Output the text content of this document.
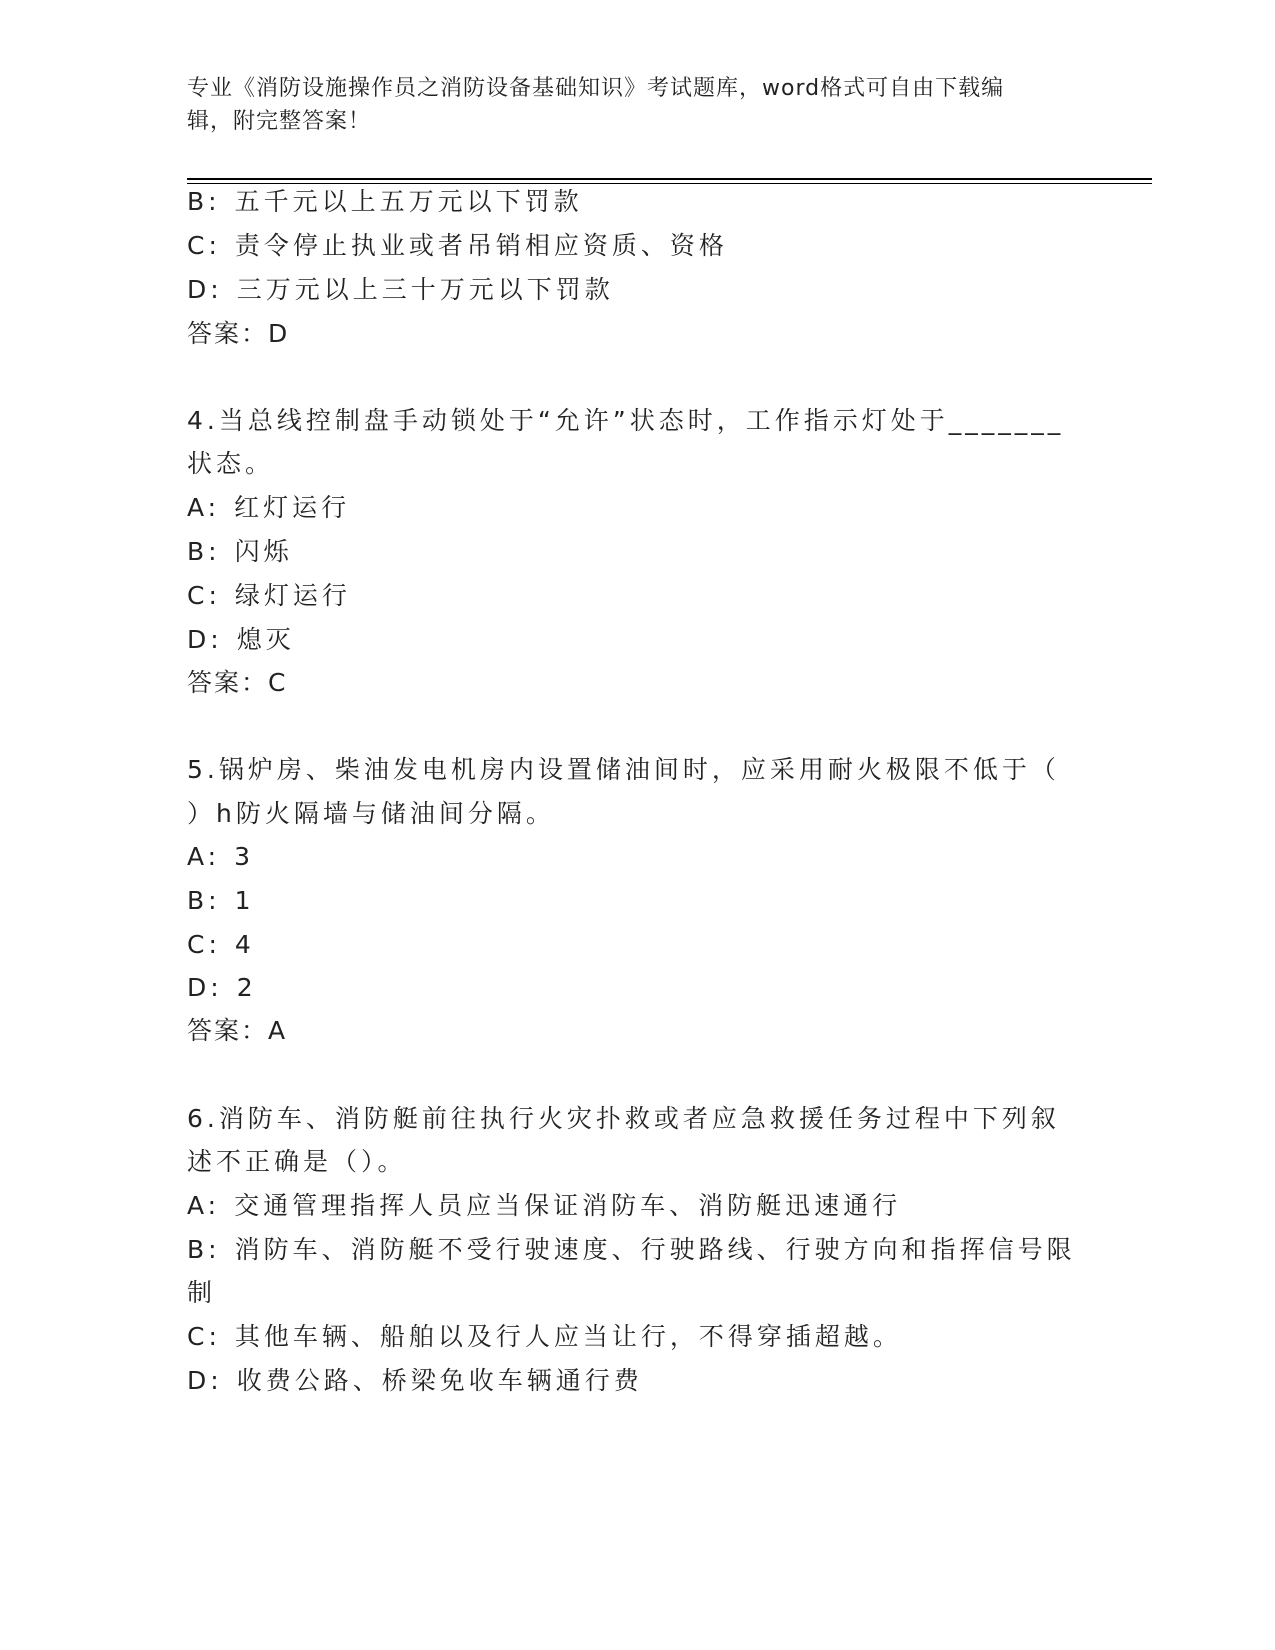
专业《消防设施操作员之消防设备基础知识》考试题库，word格式可自由下载编
辑，附完整答案！
B: 五千元以上五万元以下罚款
C: 责令停止执业或者吊销相应资质、资格
D: 三万元以上三十万元以下罚款
答案：D
4.当总线控制盘手动锁处于“允许”状态时，工作指示灯处于_______
状态。
A: 红灯运行
B: 闪烁
C: 绿灯运行
D: 熄灭
答案：C
5.锅炉房、柴油发电机房内设置储油间时，应采用耐火极限不低于（
）h防火隔墙与储油间分隔。
A: 3
B: 1
C: 4
D: 2
答案：A
6.消防车、消防艇前往执行火灾扑救或者应急救援任务过程中下列叙
述不正确是（）。
A: 交通管理指挥人员应当保证消防车、消防艇迅速通行
B: 消防车、消防艇不受行驶速度、行驶路线、行驶方向和指挥信号限
制
C: 其他车辆、船舶以及行人应当让行，不得穿插超越。
D: 收费公路、桥梁免收车辆通行费
